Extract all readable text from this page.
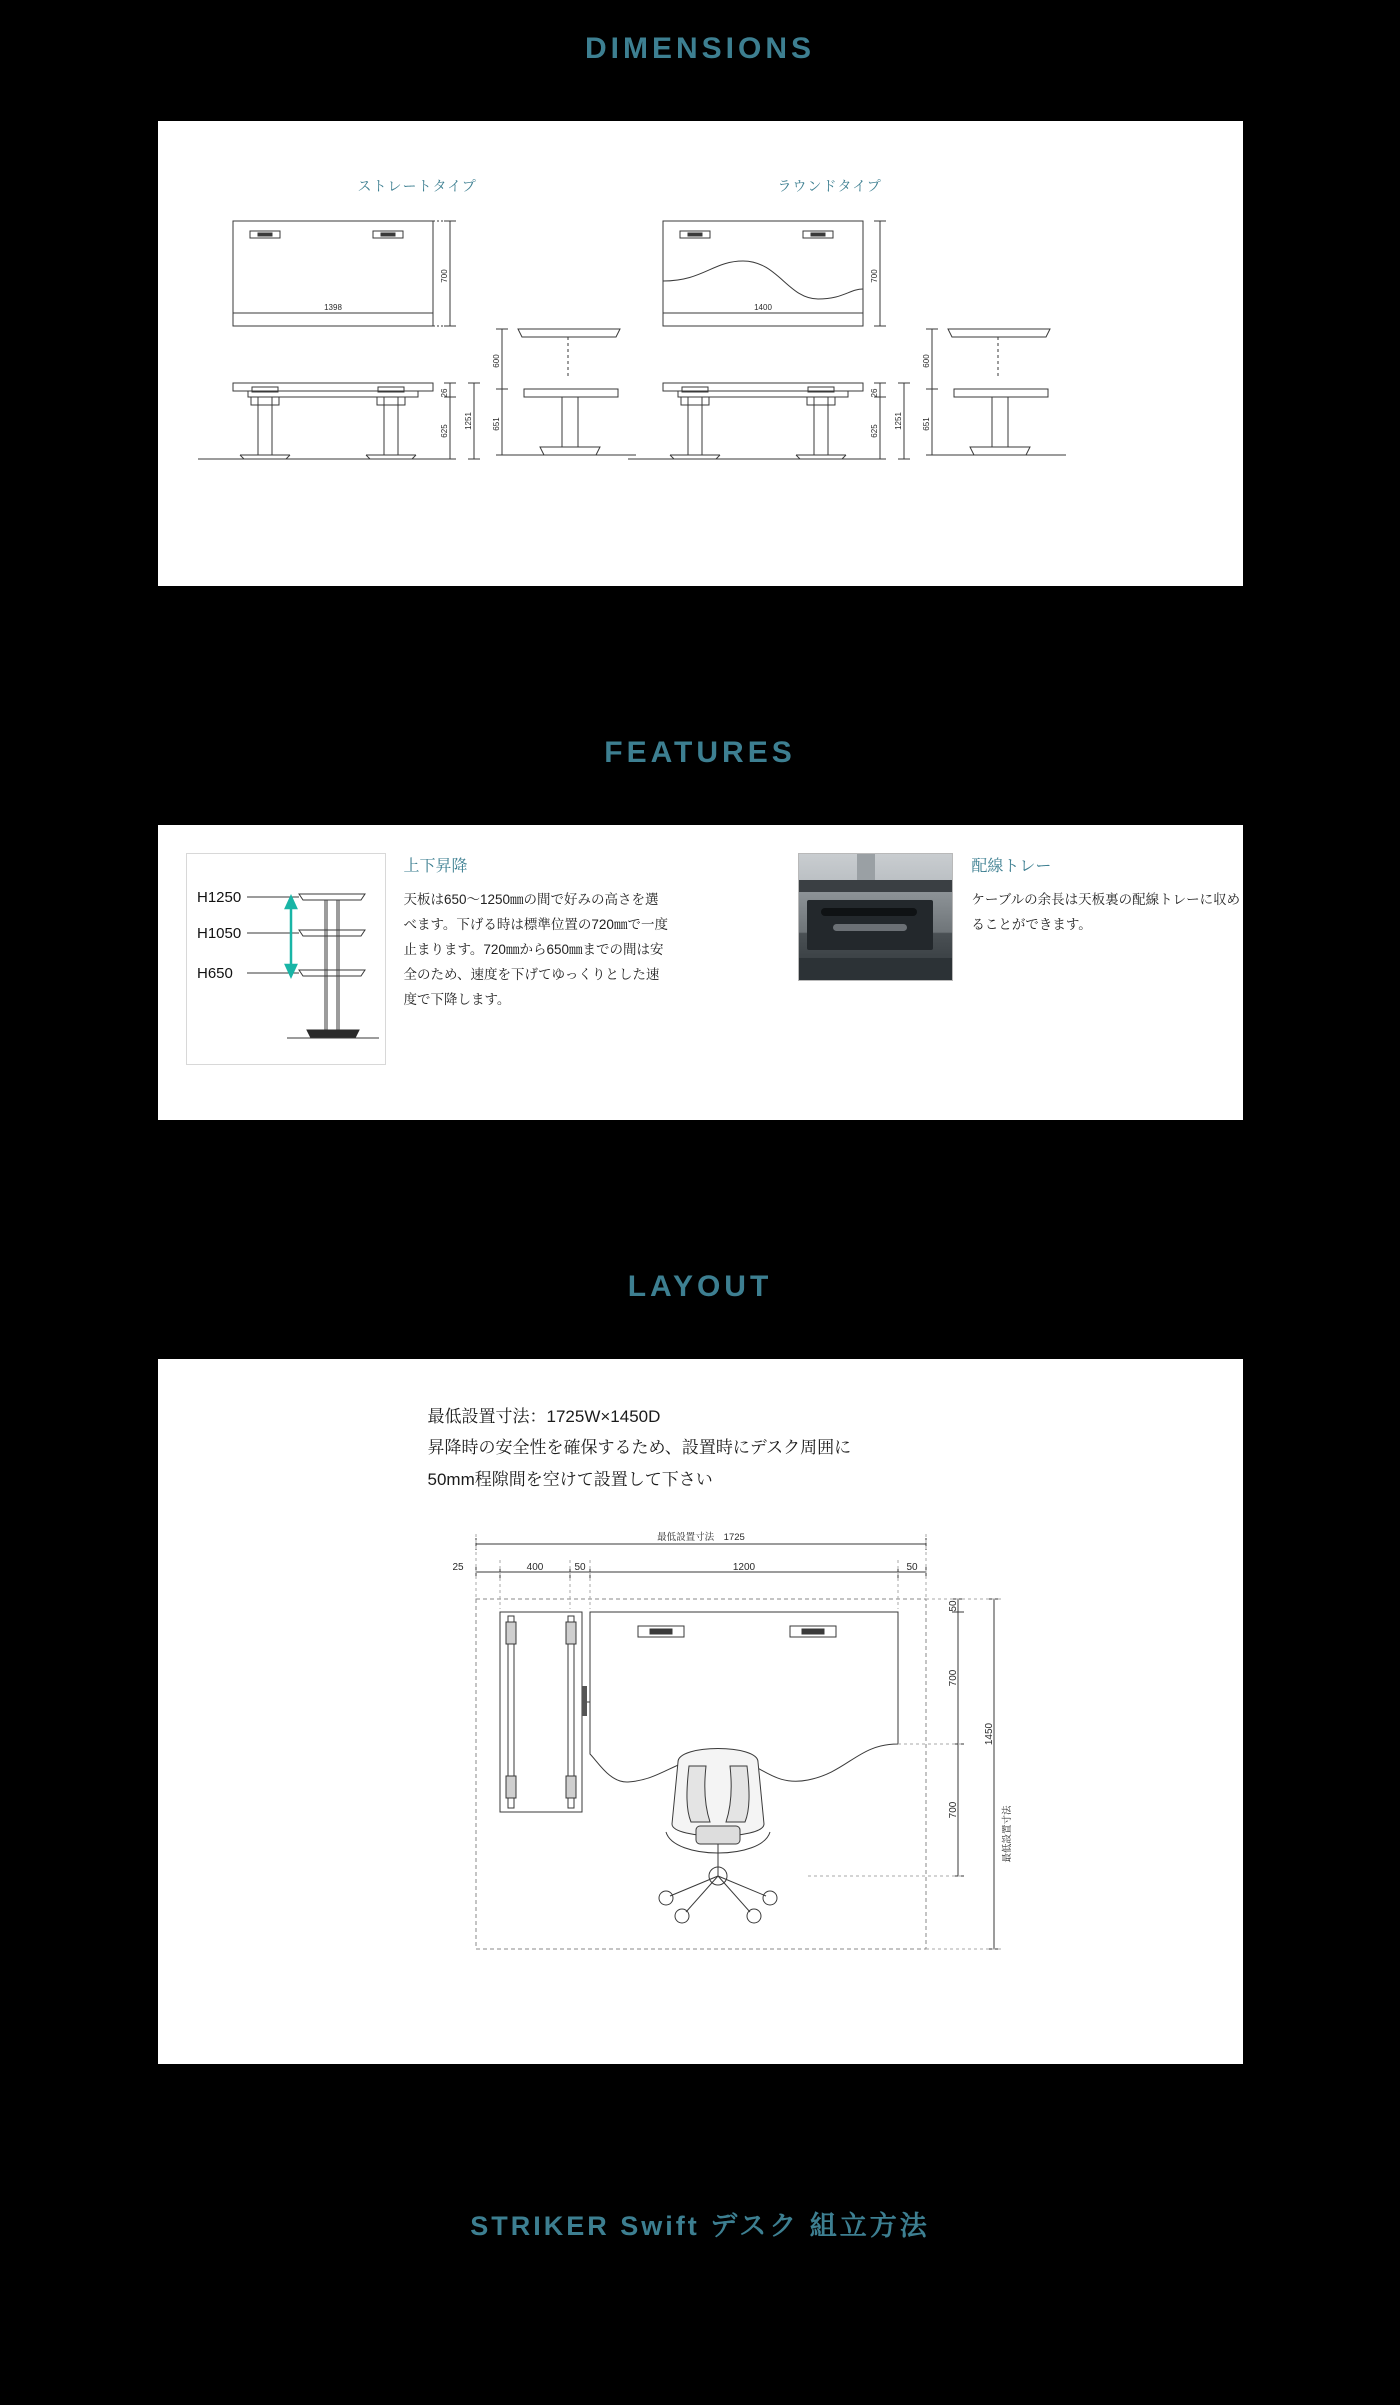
DIMENSIONS
ストレートタイプ	ラウンドタイプ
1398
700
26
625
1251
600
651
1400
700
26
625
1251
600
651
FEATURES
H1250
H1050
H650
上下昇降

天板は650〜1250㎜の間で好みの高さを選べます。下げる時は標準位置の720㎜で一度止まります。720㎜から650㎜までの間は安全のため、速度を下げてゆっくりとした速度で下降します。

配線トレー

ケーブルの余長は天板裏の配線トレーに収めることができます。

LAYOUT
最低設置寸法：1725W×1450D
昇降時の安全性を確保するため、設置時にデスク周囲に
50mm程隙間を空けて設置して下さい
最低設置寸法　1725
25	400	50	1200	50
50
700
700
1450
最低設置寸法
STRIKER Swift デスク 組立方法
